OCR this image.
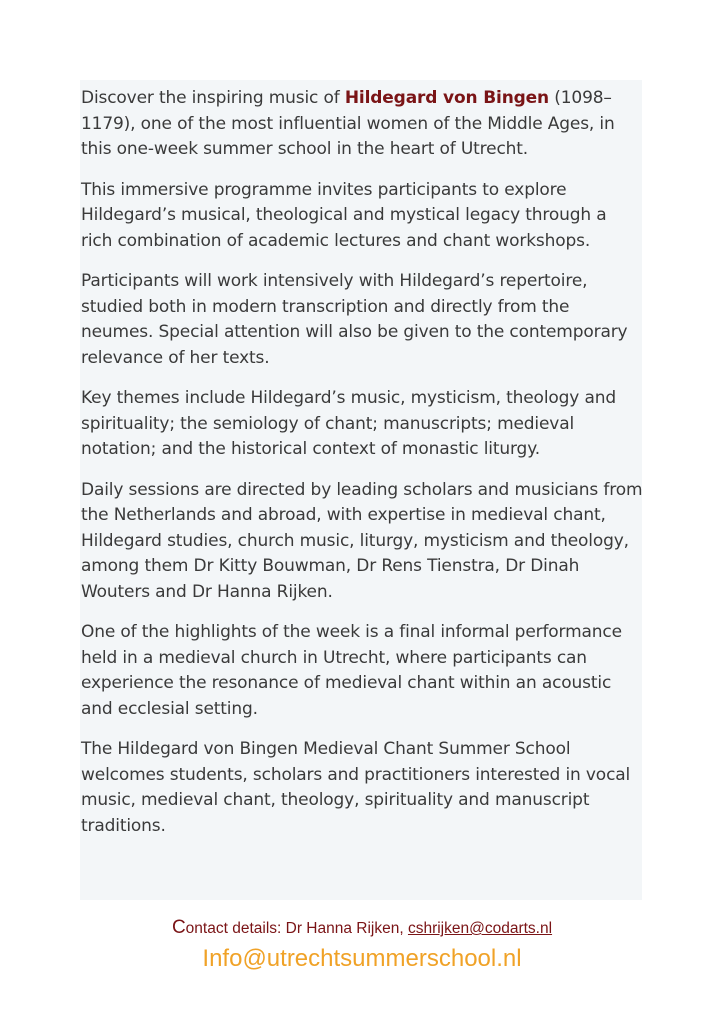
Discover the inspiring music of Hildegard von Bingen (1098–1179), one of the most influential women of the Middle Ages, in this one-week summer school in the heart of Utrecht.

This immersive programme invites participants to explore Hildegard’s musical, theological and mystical legacy through a rich combination of academic lectures and chant workshops.

Participants will work intensively with Hildegard’s repertoire, studied both in modern transcription and directly from the neumes. Special attention will also be given to the contemporary relevance of her texts.

Key themes include Hildegard’s music, mysticism, theology and spirituality; the semiology of chant; manuscripts; medieval notation; and the historical context of monastic liturgy.

Daily sessions are directed by leading scholars and musicians from the Netherlands and abroad, with expertise in medieval chant, Hildegard studies, church music, liturgy, mysticism and theology, among them Dr Kitty Bouwman, Dr Rens Tienstra, Dr Dinah Wouters and Dr Hanna Rijken.

One of the highlights of the week is a final informal performance held in a medieval church in Utrecht, where participants can experience the resonance of medieval chant within an acoustic and ecclesial setting.

The Hildegard von Bingen Medieval Chant Summer School welcomes students, scholars and practitioners interested in vocal music, medieval chant, theology, spirituality and manuscript traditions.

Contact details: Dr Hanna Rijken, cshrijken@codarts.nl
Info@utrechtsummerschool.nl
